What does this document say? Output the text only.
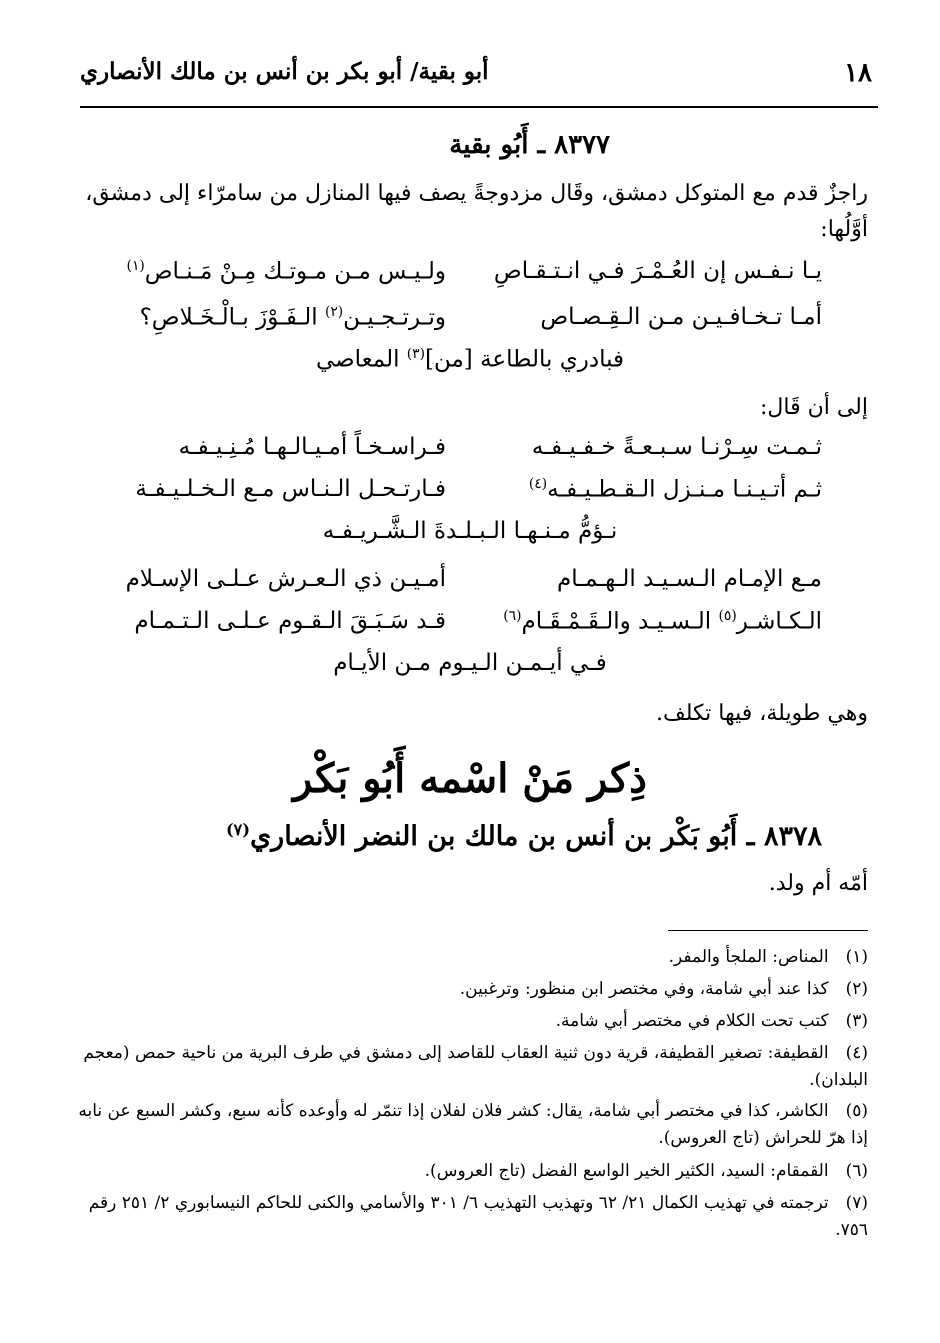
١٨
أبو بقية/ أبو بكر بن أنس بن مالك الأنصاري
٨٣٧٧ ـ أَبُو بقية
راجزٌ قدم مع المتوكل دمشق، وقَال مزدوجةً يصف فيها المنازل من سامرّاء إلى دمشق،
أوَّلُها:
يـا نـفـس إن العُـمْـرَ فـي انـتـقـاصِ
ولـيـس مـن مـوتـك مِـنْ مَـنـاص$^{(١)}$
أمـا تـخـافـيـن مـن الـقِـصـاص
وتـرتـجـيـن$^{(٢)}$ الـفَـوْزَ بـالْـخَـلاصِ؟
فبادري بالطاعة [من]$^{(٣)}$ المعاصي
إلى أن قَال:
ثـمـت سِـرْنـا سـبـعـةً خـفـيـفـه
فـراسـخـاً أمـيـالـهـا مُـنِـيـفـه
ثـم أتـيـنـا مـنـزل الـقـطـيـفـه$^{(٤)}$
فـارتـحـل الـنـاس مـع الـخـلـيـفـة
نـؤمُّ مـنـهـا الـبـلـدةَ الـشَّـريـفـه
مـع الإمـام الـسـيـد الـهـمـام
أمـيـن ذي الـعـرش عـلـى الإسـلام
الـكـاشـر$^{(٥)}$ الـسـيـد والـقَـمْـقَـام$^{(٦)}$
قـد سَـبَـقَ الـقـوم عـلـى الـتـمـام
فـي أيـمـن الـيـوم مـن الأيـام
وهي طويلة، فيها تكلف.
ذِكر مَنْ اسْمه أَبُو بَكْر
٨٣٧٨ ـ أَبُو بَكْر بن أنس بن مالك بن النضر الأنصاري$^{(٧)}$
أمّه أم ولد.
(١) المناص: الملجأ والمفر.
(٢) كذا عند أبي شامة، وفي مختصر ابن منظور: وترغبين.
(٣) كتب تحت الكلام في مختصر أبي شامة.
(٤) القطيفة: تصغير القطيفة، قرية دون ثنية العقاب للقاصد إلى دمشق في طرف البرية من ناحية حمص (معجم البلدان).
(٥) الكاشر، كذا في مختصر أبي شامة، يقال: كشر فلان لفلان إذا تنمّر له وأوعده كأنه سبع، وكشر السبع عن نابه إذا هرّ للحراش (تاج العروس).
(٦) القمقام: السيد، الكثير الخير الواسع الفضل (تاج العروس).
(٧) ترجمته في تهذيب الكمال ٢١/ ٦٢ وتهذيب التهذيب ٦/ ٣٠١ والأسامي والكنى للحاكم النيسابوري ٢/ ٢٥١ رقم ٧٥٦.
